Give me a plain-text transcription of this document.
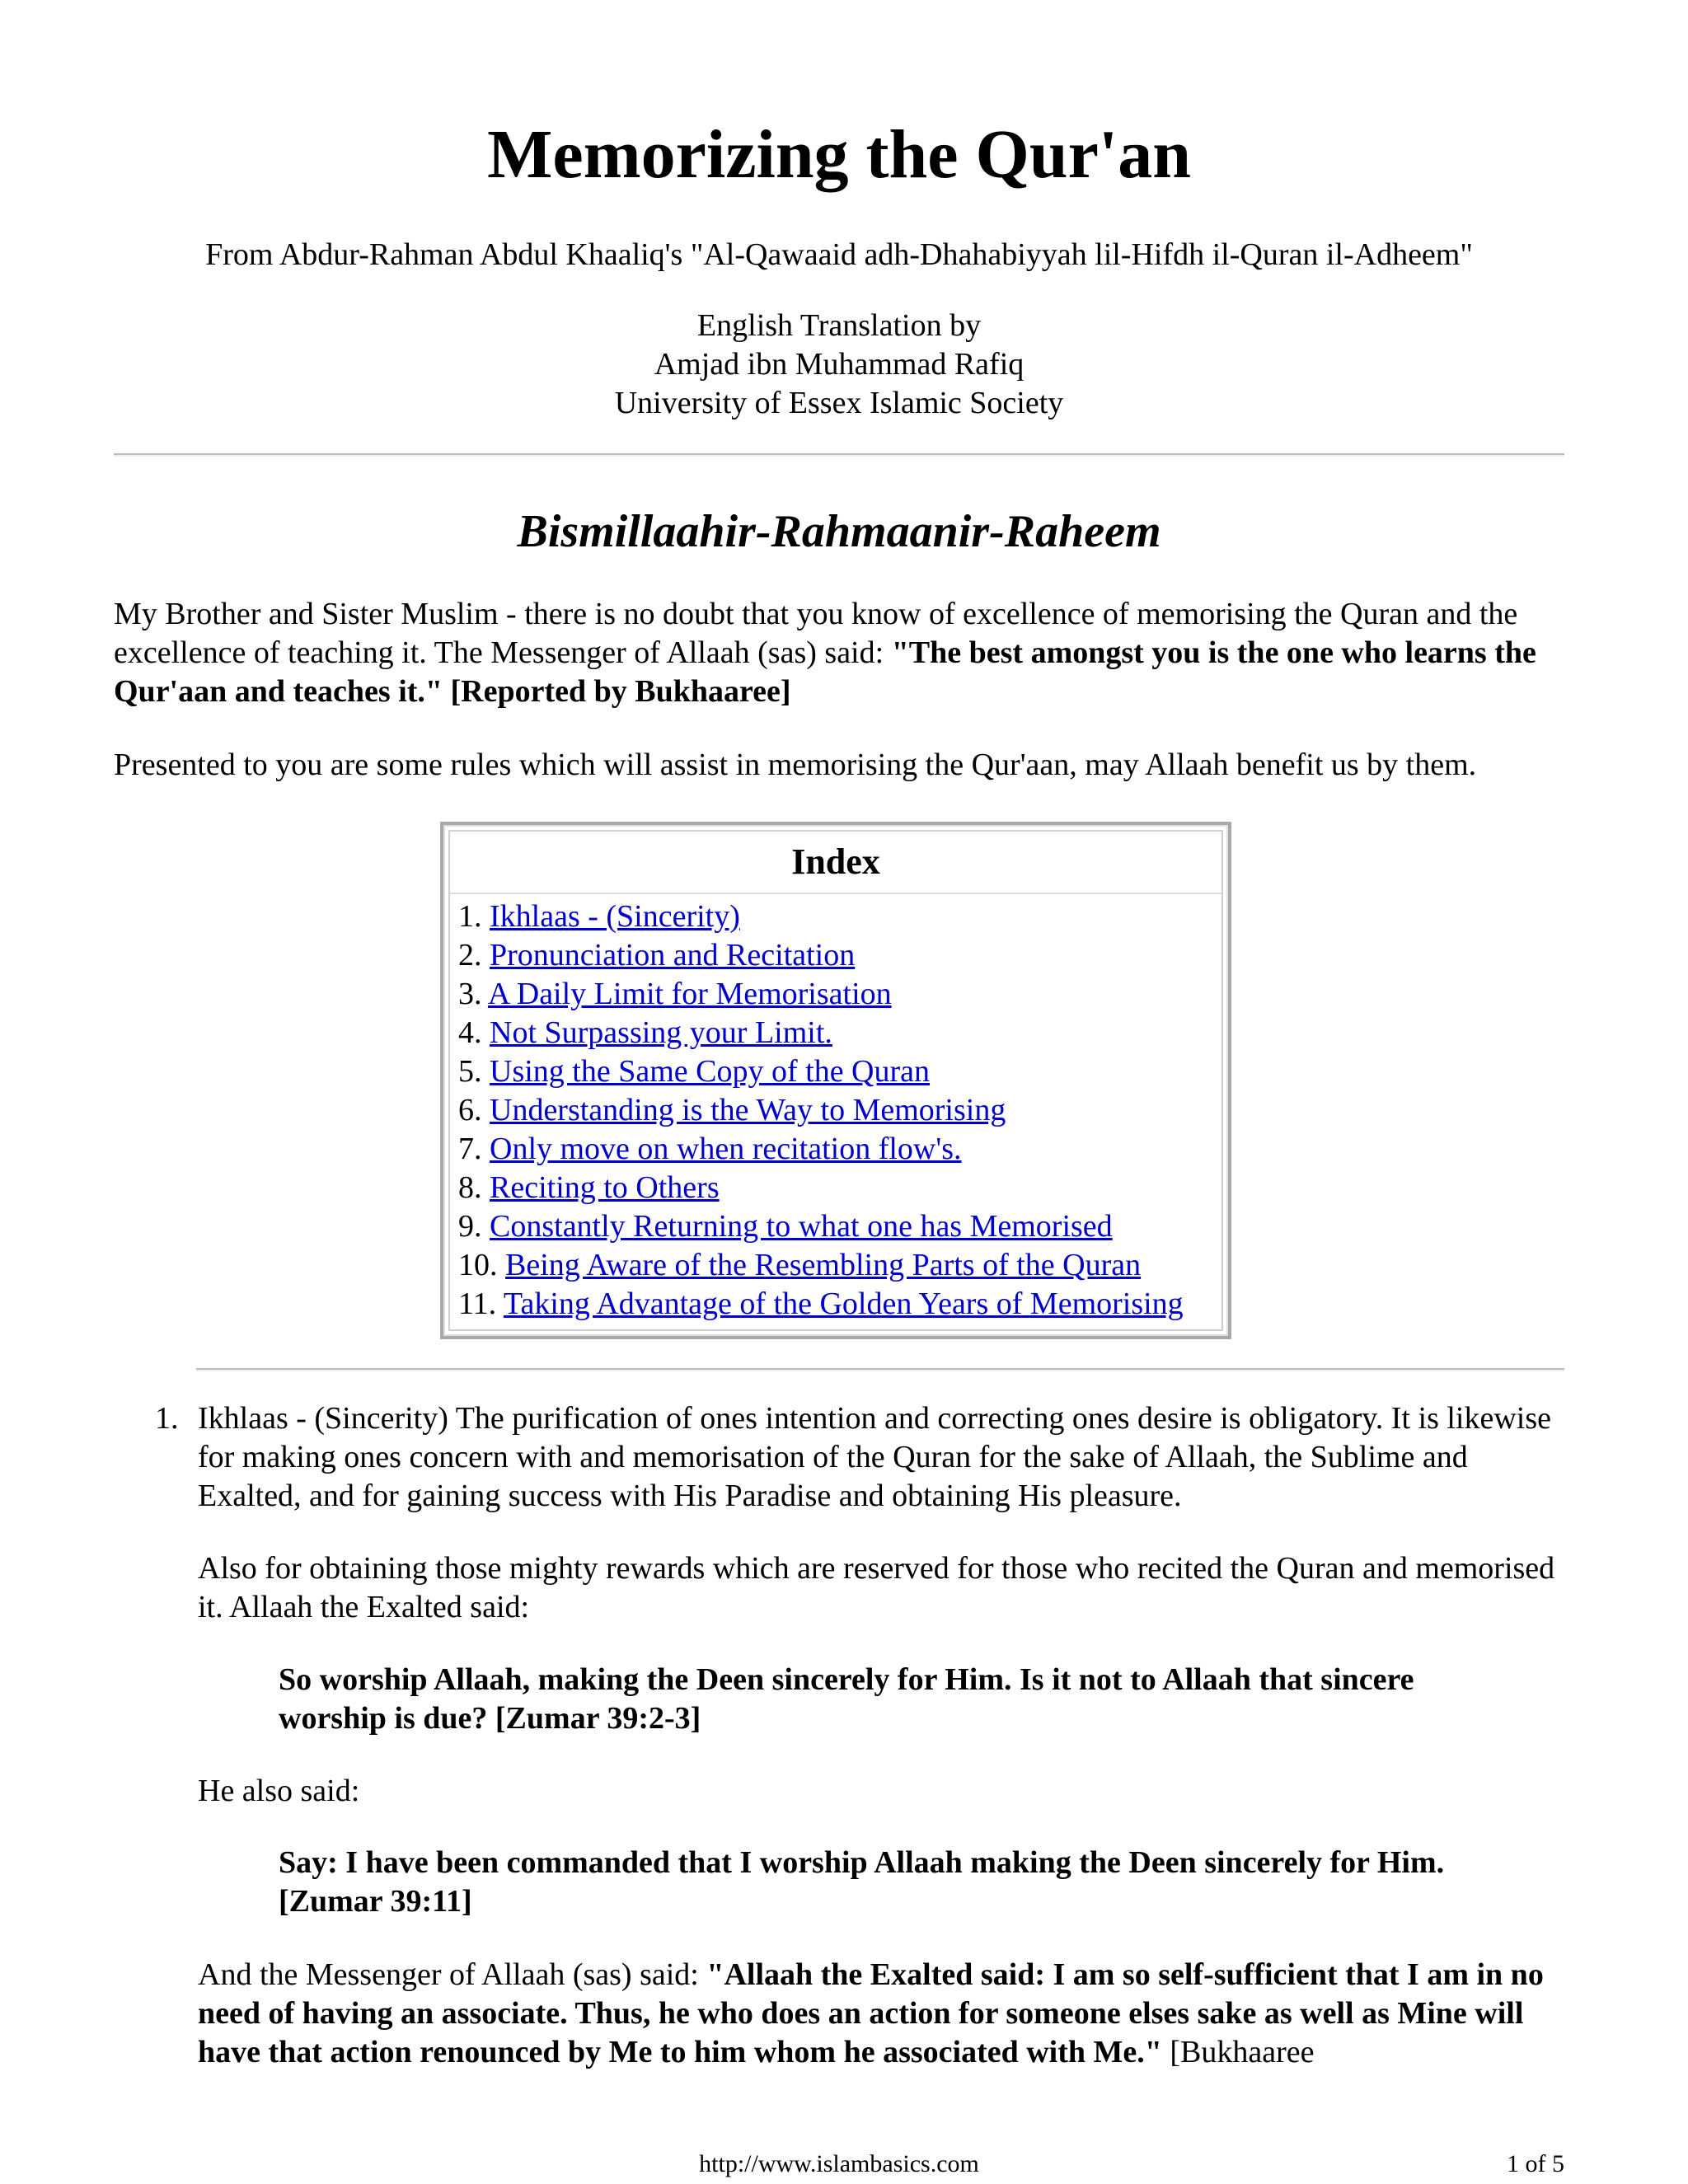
Memorizing the Qur'an
From Abdur-Rahman Abdul Khaaliq's "Al-Qawaaid adh-Dhahabiyyah lil-Hifdh il-Quran il-Adheem"
English Translation by
Amjad ibn Muhammad Rafiq
University of Essex Islamic Society
Bismillaahir-Rahmaanir-Raheem
My Brother and Sister Muslim - there is no doubt that you know of excellence of memorising the Quran and the excellence of teaching it. The Messenger of Allaah (sas) said: "The best amongst you is the one who learns the Qur'aan and teaches it." [Reported by Bukhaaree]
Presented to you are some rules which will assist in memorising the Qur'aan, may Allaah benefit us by them.
Index
1. Ikhlaas - (Sincerity)
2. Pronunciation and Recitation
3. A Daily Limit for Memorisation
4. Not Surpassing your Limit.
5. Using the Same Copy of the Quran
6. Understanding is the Way to Memorising
7. Only move on when recitation flow's.
8. Reciting to Others
9. Constantly Returning to what one has Memorised
10. Being Aware of the Resembling Parts of the Quran
11. Taking Advantage of the Golden Years of Memorising
1. Ikhlaas - (Sincerity) The purification of ones intention and correcting ones desire is obligatory. It is likewise for making ones concern with and memorisation of the Quran for the sake of Allaah, the Sublime and Exalted, and for gaining success with His Paradise and obtaining His pleasure.
Also for obtaining those mighty rewards which are reserved for those who recited the Quran and memorised it. Allaah the Exalted said:
So worship Allaah, making the Deen sincerely for Him. Is it not to Allaah that sincere worship is due? [Zumar 39:2-3]
He also said:
Say: I have been commanded that I worship Allaah making the Deen sincerely for Him. [Zumar 39:11]
And the Messenger of Allaah (sas) said: "Allaah the Exalted said: I am so self-sufficient that I am in no need of having an associate. Thus, he who does an action for someone elses sake as well as Mine will have that action renounced by Me to him whom he associated with Me." [Bukhaaree
http://www.islambasics.com	1 of 5
